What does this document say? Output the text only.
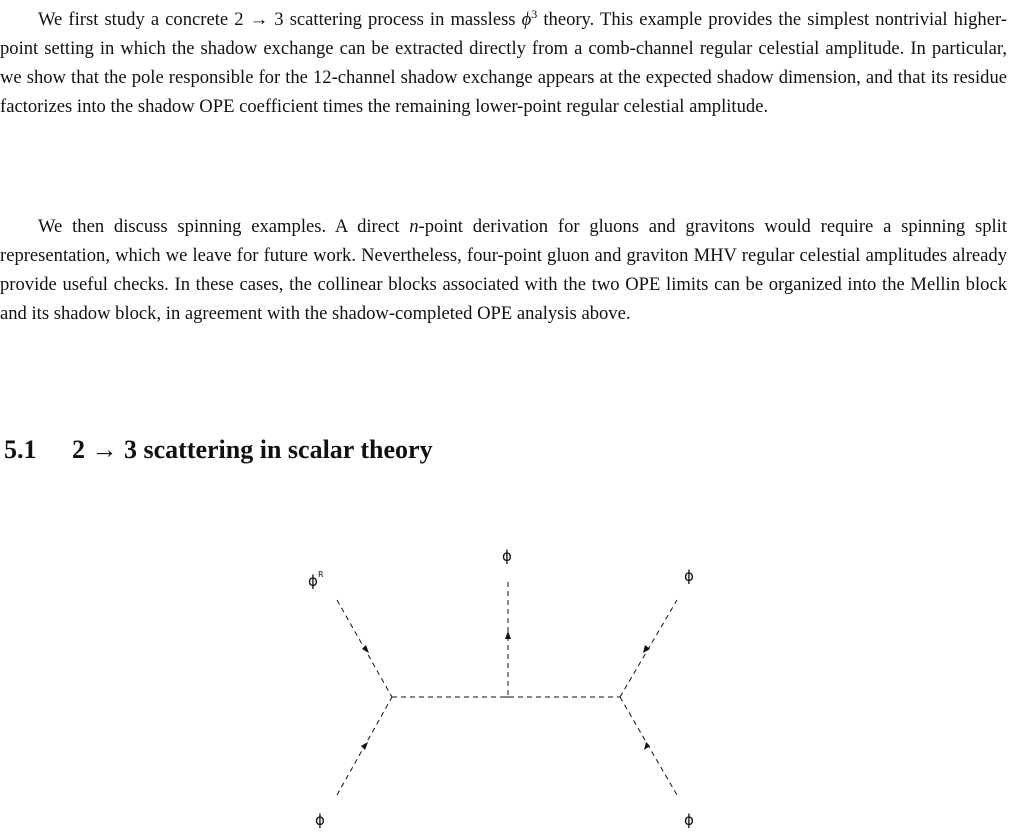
We first study a concrete 2 → 3 scattering process in massless $\phi^3$ theory. This example provides the simplest nontrivial higher-point setting in which the shadow exchange can be extracted directly from a comb-channel regular celestial amplitude. In particular, we show that the pole responsible for the 12-channel shadow exchange appears at the expected shadow dimension, and that its residue factorizes into the shadow OPE coefficient times the remaining lower-point regular celestial amplitude.

We then discuss spinning examples. A direct n-point derivation for gluons and gravitons would require a spinning split representation, which we leave for future work. Nevertheless, four-point gluon and graviton MHV regular celestial amplitudes already provide useful checks. In these cases, the collinear blocks associated with the two OPE limits can be organized into the Mellin block and its shadow block, in agreement with the shadow-completed OPE analysis above.

5.1 2 → 3 scattering in scalar theory
ϕ R
ϕ
ϕ
ϕ	ϕ
